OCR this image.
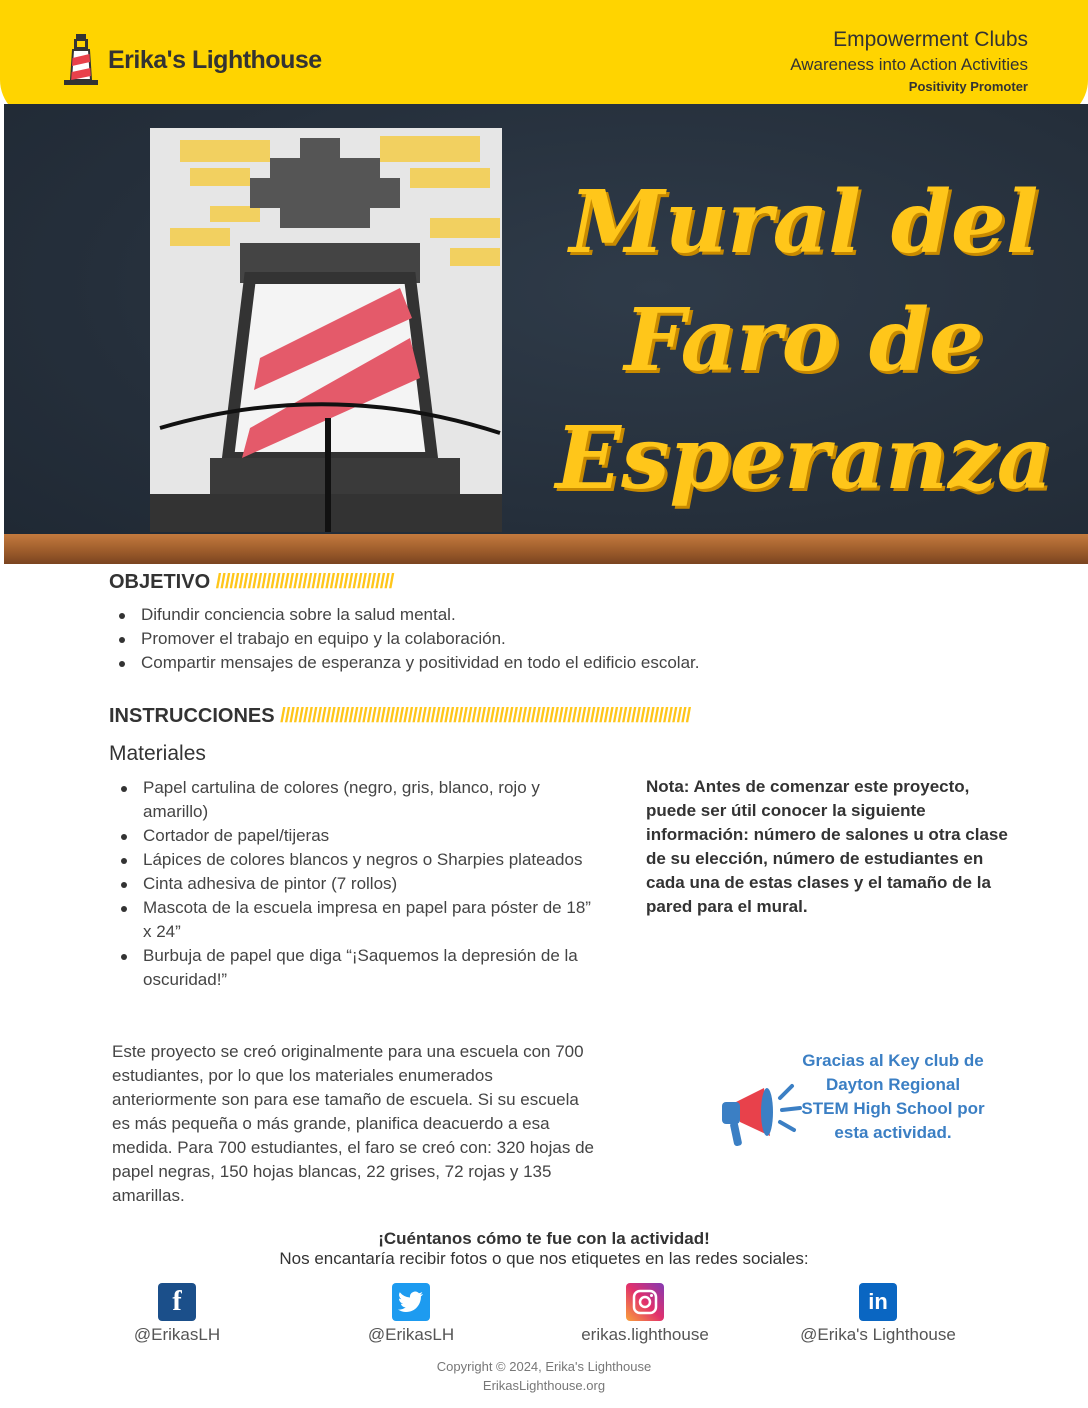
Erika's Lighthouse
Empowerment Clubs
Awareness into Action Activities
Positivity Promoter
Mural del
Faro de
Esperanza
OBJETIVO ///////////////////////////////////////
Difundir conciencia sobre la salud mental.
Promover el trabajo en equipo y la colaboración.
Compartir mensajes de esperanza y positividad en todo el edificio escolar.
INSTRUCCIONES //////////////////////////////////////////////////////////////////////////////////////////
Materiales
Papel cartulina de colores (negro, gris, blanco, rojo y amarillo)
Cortador de papel/tijeras
Lápices de colores blancos y negros o Sharpies plateados
Cinta adhesiva de pintor (7 rollos)
Mascota de la escuela impresa en papel para póster de 18” x 24”
Burbuja de papel que diga “¡Saquemos la depresión de la oscuridad!”
Nota: Antes de comenzar este proyecto, puede ser útil conocer la siguiente información: número de salones u otra clase de su elección, número de estudiantes en cada una de estas clases y el tamaño de la pared para el mural.
Este proyecto se creó originalmente para una escuela con 700 estudiantes, por lo que los materiales enumerados anteriormente son para ese tamaño de escuela. Si su escuela es más pequeña o más grande, planifica deacuerdo a esa medida. Para 700 estudiantes, el faro se creó con: 320 hojas de papel negras, 150 hojas blancas, 22 grises, 72 rojas y 135 amarillas.
Gracias al Key club de Dayton Regional STEM High School por esta actividad.
¡Cuéntanos cómo te fue con la actividad!
Nos encantaría recibir fotos o que nos etiquetes en las redes sociales:
f
@ErikasLH	@ErikasLH	erikas.lighthouse
in
@Erika's Lighthouse
Copyright © 2024, Erika's Lighthouse
ErikasLighthouse.org
